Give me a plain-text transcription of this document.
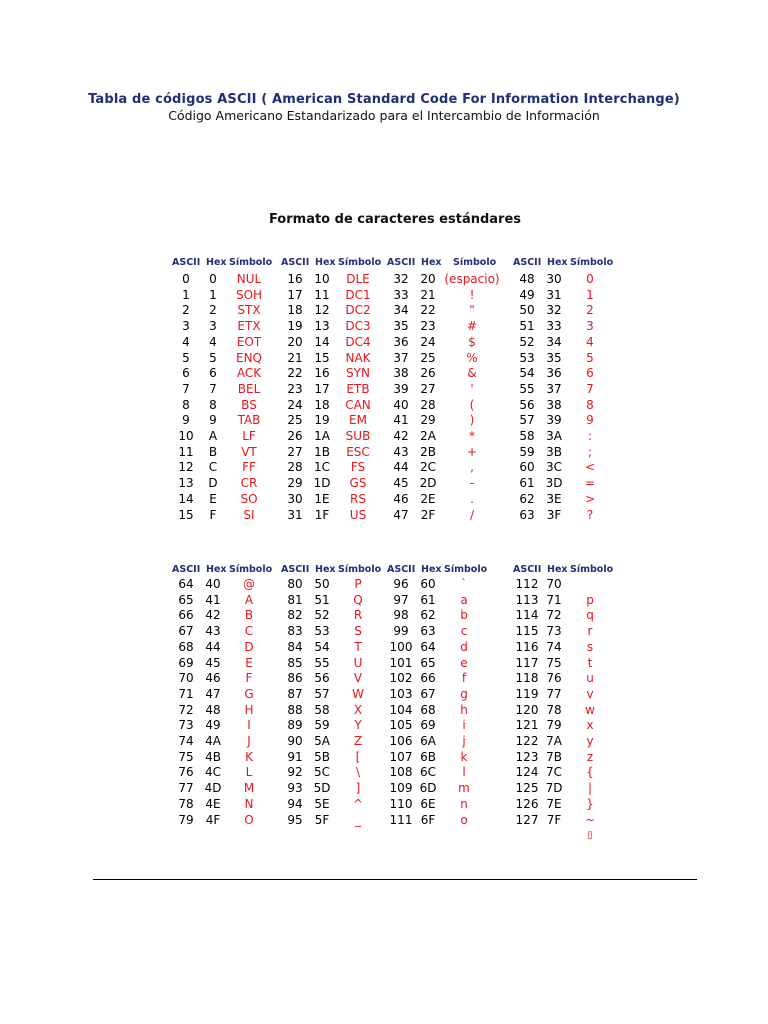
Tabla de códigos ASCII ( American Standard Code For Information Interchange)
Código Americano Estandarizado para el Intercambio de Información
Formato de caracteres estándares
ASCII Hex Símbolo
0	0	NUL
1	1	SOH
2	2	STX
3	3	ETX
4	4	EOT
5	5	ENQ
6	6	ACK
7	7	BEL
8	8	BS
9	9	TAB
10	A	LF
11	B	VT
12	C	FF
13	D	CR
14	E	SO
15	F	SI
ASCII Hex Símbolo
16 10	DLE
17 11	DC1
18 12	DC2
19 13	DC3
20 14	DC4
21 15	NAK
22 16	SYN
23 17	ETB
24 18	CAN
25 19	EM
26 1A	SUB
27 1B	ESC
28 1C	FS
29 1D	GS
30 1E	RS
31	1F	US
ASCII Hex Símbolo
32 20 (espacio)
33 21	!
34 22	"
35 23	#
36 24	$
37 25	%
38 26	&
39 27	'
40 28	(
41 29	)
42 2A	*
43 2B	+
44 2C	,
45 2D	-
46 2E	.
47	2F	/
ASCII Hex Símbolo
48 30	0
49 31	1
50 32	2
51 33	3
52 34	4
53 35	5
54 36	6
55 37	7
56 38	8
57 39	9
58 3A	:
59 3B	;
60 3C	<
61 3D	=
62 3E	>
63	3F	?
ASCII Hex Símbolo
64 40	@
65 41	A
66 42	B
67 43	C
68 44	D
69 45	E
70 46	F
71 47	G
72 48	H
73 49	I
74 4A	J
75 4B	K
76 4C	L
77 4D	M
78 4E	N
79	4F	O
ASCII Hex Símbolo
80 50	P
81 51	Q
82 52	R
83 53	S
84 54	T
85 55	U
86 56	V
87 57	W
88 58	X
89 59	Y
90 5A	Z
91 5B	[
92 5C	\
93 5D	]
94 5E	^
95	5F	_
ASCII Hex Símbolo
96 60	`
97 61	a
98 62	b
99 63	c
100 64	d
101 65	e
102 66	f
103 67	g
104 68	h
105 69	i
106 6A	j
107 6B	k
108 6C	l
109 6D	m
110 6E	n
111 6F	o
ASCII Hex Símbolo
112 70
113 71	p
114 72	q
115 73	r
116 74	s
117 75	t
118 76	u
119 77	v
120 78	w
121 79	x
122 7A	y
123 7B	z
124 7C	{
125 7D	|
126 7E	}
127 7F	~
▯
